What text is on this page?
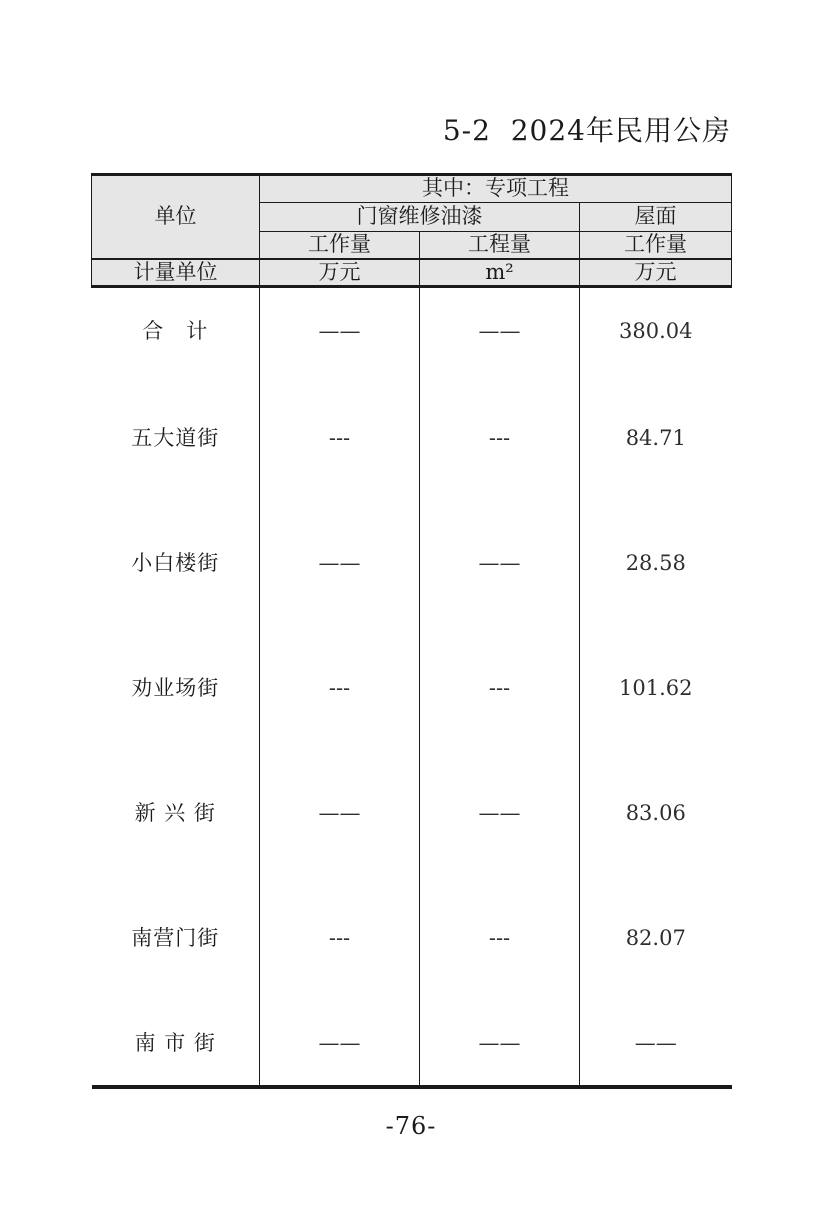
5-2  2024年民用公房
单位	其中：专项工程		
	门窗维修油漆		屋面
	工作量	工程量	工作量
计量单位	万元	m²	万元
合　计	——	——	380.04
五大道街	---	---	84.71
小白楼街	——	——	28.58
劝业场街	---	---	101.62
新 兴 街	——	——	83.06
南营门街	---	---	82.07
南 市 街	——	——	——
-76-
